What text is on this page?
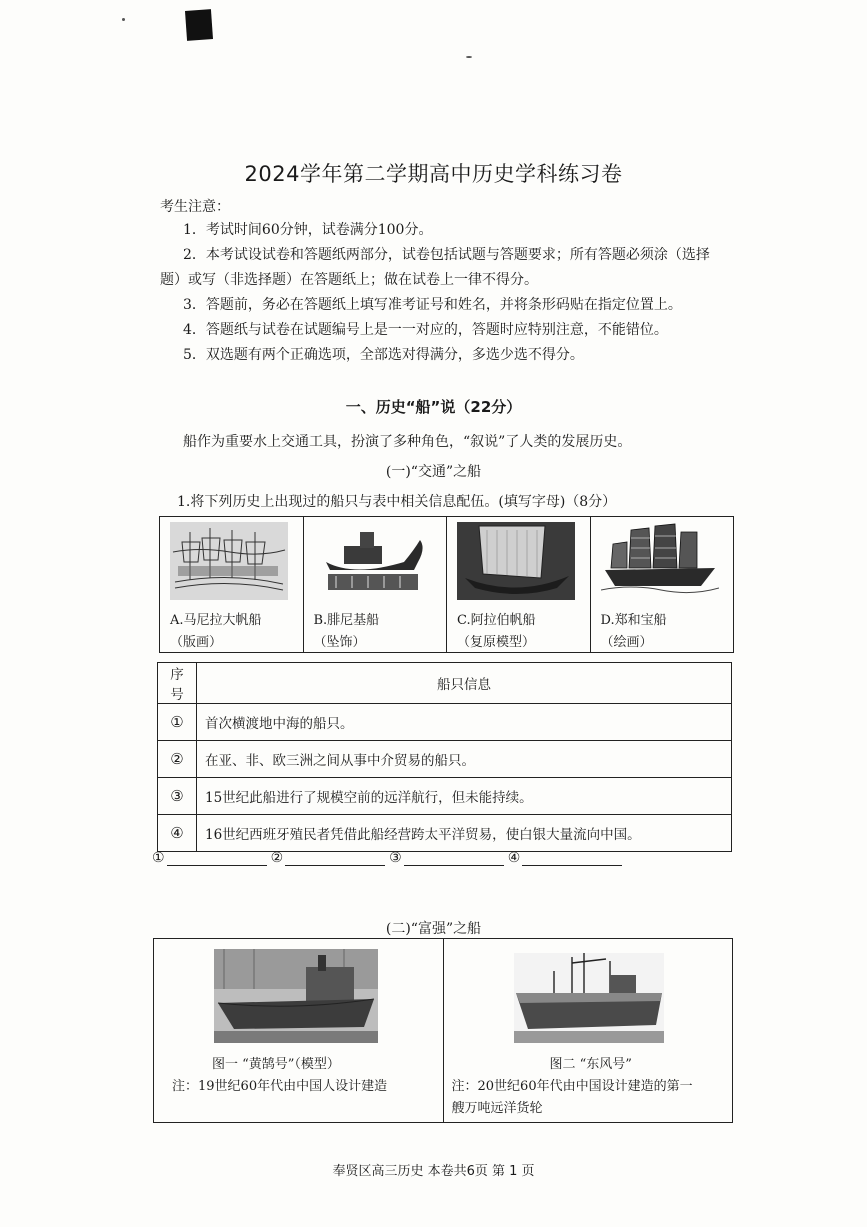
2024学年第二学期高中历史学科练习卷
考生注意：
1．考试时间60分钟，试卷满分100分。
2．本考试设试卷和答题纸两部分，试卷包括试题与答题要求；所有答题必须涂（选择
题）或写（非选择题）在答题纸上；做在试卷上一律不得分。
3．答题前，务必在答题纸上填写准考证号和姓名，并将条形码贴在指定位置上。
4．答题纸与试卷在试题编号上是一一对应的，答题时应特别注意，不能错位。
5．双选题有两个正确选项，全部选对得满分，多选少选不得分。
一、历史“船”说（22分）
船作为重要水上交通工具，扮演了多种角色，“叙说”了人类的发展历史。
(一)“交通”之船
1.将下列历史上出现过的船只与表中相关信息配伍。(填写字母)（8分）
A.马尼拉大帆船
（版画）
B.腓尼基船
（坠饰）
C.阿拉伯帆船
（复原模型）
D.郑和宝船
（绘画）
序号	船只信息
①	首次横渡地中海的船只。
②	在亚、非、欧三洲之间从事中介贸易的船只。
③	15世纪此船进行了规模空前的远洋航行，但未能持续。
④	16世纪西班牙殖民者凭借此船经营跨太平洋贸易，使白银大量流向中国。
①	②	③	④
(二)“富强”之船
图一 “黄鹄号”（模型）
注：19世纪60年代由中国人设计建造
图二 “东风号”
注：20世纪60年代由中国设计建造的第一
艘万吨远洋货轮
奉贤区高三历史 本卷共6页 第 1 页
